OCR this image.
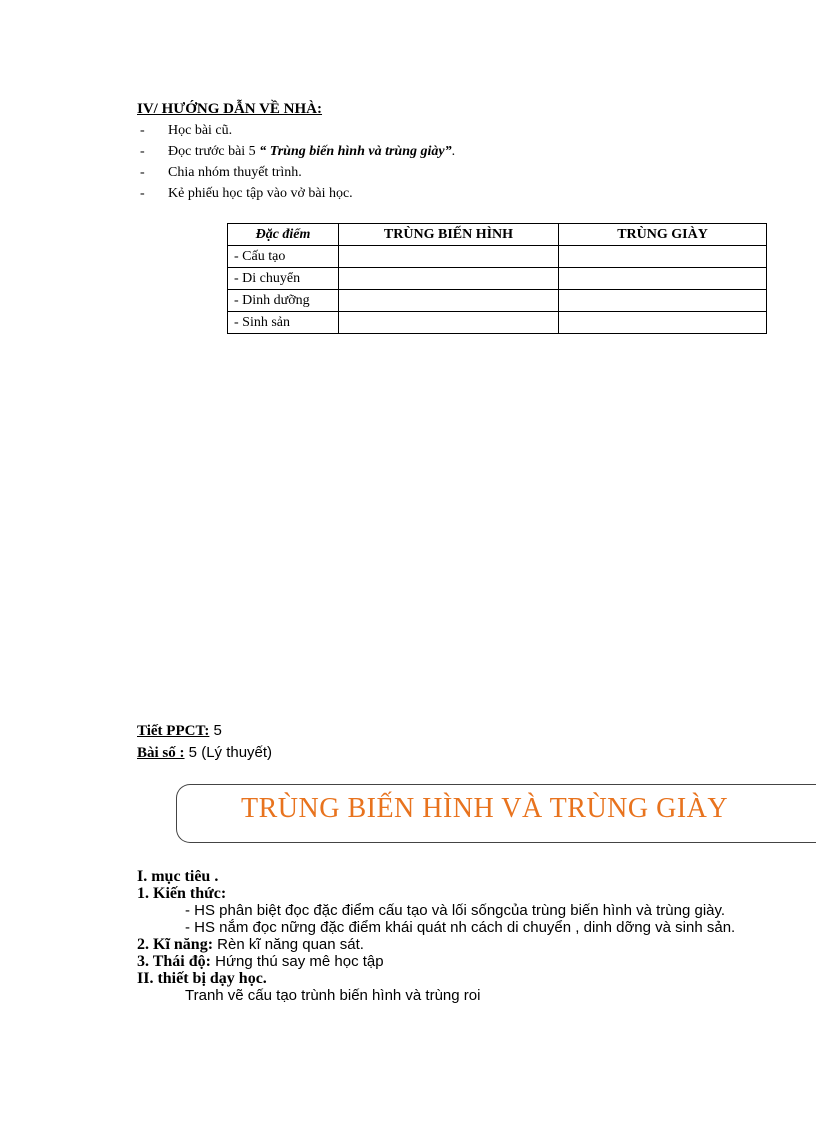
IV/ HƯỚNG DẪN VỀ NHÀ:
-	Học bài cũ.
-	Đọc trước bài 5 “ Trùng biến hình và trùng giày”.
-	Chia nhóm thuyết trình.
-	Kẻ phiếu học tập vào vở bài học.
Đặc điểm	TRÙNG BIẾN HÌNH	TRÙNG GIÀY
- Cấu tạo		
- Di chuyển		
- Dinh dưỡng		
- Sinh sản		
Tiết PPCT: 5
Bài số : 5 (Lý thuyết)
TRÙNG BIẾN HÌNH VÀ TRÙNG GIÀY

I. mục tiêu .

1. Kiến thức:

- HS phân biệt đọc đặc điểm cấu tạo và lối sốngcủa trùng biến hình và trùng giày.

- HS nắm đọc nững đặc điểm khái quát nh cách di chuyển , dinh dỡng và sinh sản.

2. Kĩ năng: Rèn kĩ năng quan sát.

3. Thái độ: Hứng thú say mê học tập

II. thiết bị dạy học.

Tranh vẽ cấu tạo trùnh biến hình và trùng roi
